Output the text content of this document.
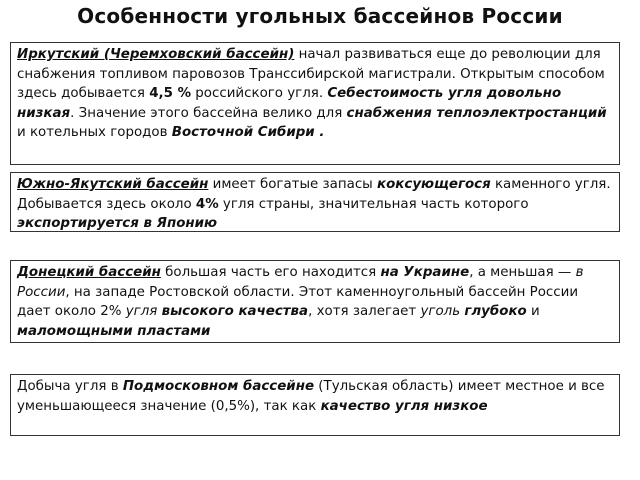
Особенности угольных бассейнов России

Иркутский (Черемховский бассейн) начал развиваться еще до революции для снабжения топливом паровозов Транссибирской магистрали. Открытым способом здесь добывается 4,5 % российского угля. Себестоимость угля довольно низкая. Значение этого бассейна велико для снабжения теплоэлектростанций и котельных городов Восточной Сибири .

Южно-Якутский бассейн имеет богатые запасы коксующегося каменного угля. Добывается здесь около 4% угля страны, значительная часть которого экспортируется в Японию

Донецкий бассейн большая часть его находится на Украине, а меньшая — в России, на западе Ростовской области. Этот каменноугольный бассейн России дает около 2% угля высокого качества, хотя залегает уголь глубоко и маломощными пластами

Добыча угля в Подмосковном бассейне (Тульская область) имеет местное и все уменьшающееся значение (0,5%), так как качество угля низкое
